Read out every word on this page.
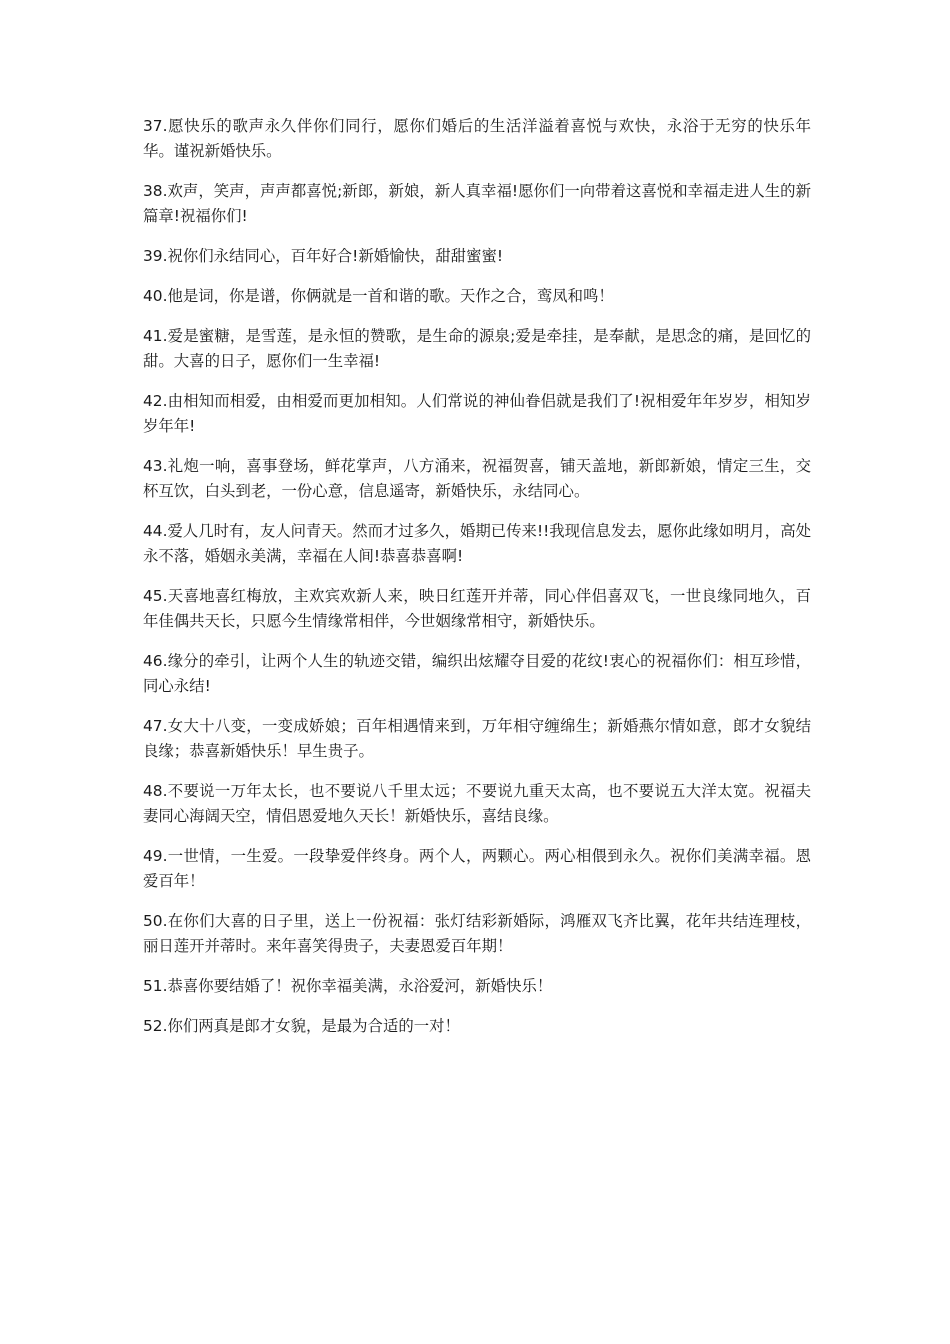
37.愿快乐的歌声永久伴你们同行，愿你们婚后的生活洋溢着喜悦与欢快，永浴于无穷的快乐年华。谨祝新婚快乐。

38.欢声，笑声，声声都喜悦;新郎，新娘，新人真幸福!愿你们一向带着这喜悦和幸福走进人生的新篇章!祝福你们!

39.祝你们永结同心，百年好合!新婚愉快，甜甜蜜蜜!

40.他是词，你是谱，你俩就是一首和谐的歌。天作之合，鸾凤和鸣！

41.爱是蜜糖，是雪莲，是永恒的赞歌，是生命的源泉;爱是牵挂，是奉献，是思念的痛，是回忆的甜。大喜的日子，愿你们一生幸福!

42.由相知而相爱，由相爱而更加相知。人们常说的神仙眷侣就是我们了!祝相爱年年岁岁，相知岁岁年年!

43.礼炮一响，喜事登场，鲜花掌声，八方涌来，祝福贺喜，铺天盖地，新郎新娘，情定三生，交杯互饮，白头到老，一份心意，信息遥寄，新婚快乐，永结同心。

44.爱人几时有，友人问青天。然而才过多久，婚期已传来!!我现信息发去，愿你此缘如明月，高处永不落，婚姻永美满，幸福在人间!恭喜恭喜啊!

45.天喜地喜红梅放，主欢宾欢新人来，映日红莲开并蒂，同心伴侣喜双飞，一世良缘同地久，百年佳偶共天长，只愿今生情缘常相伴，今世姻缘常相守，新婚快乐。

46.缘分的牵引，让两个人生的轨迹交错，编织出炫耀夺目爱的花纹!衷心的祝福你们：相互珍惜，同心永结!

47.女大十八变，一变成娇娘；百年相遇情来到，万年相守缠绵生；新婚燕尔情如意，郎才女貌结良缘；恭喜新婚快乐！早生贵子。

48.不要说一万年太长，也不要说八千里太远；不要说九重天太高，也不要说五大洋太宽。祝福夫妻同心海阔天空，情侣恩爱地久天长！新婚快乐，喜结良缘。

49.一世情，一生爱。一段挚爱伴终身。两个人，两颗心。两心相偎到永久。祝你们美满幸福。恩爱百年！

50.在你们大喜的日子里，送上一份祝福：张灯结彩新婚际，鸿雁双飞齐比翼，花年共结连理枝，丽日莲开并蒂时。来年喜笑得贵子，夫妻恩爱百年期！

51.恭喜你要结婚了！祝你幸福美满，永浴爱河，新婚快乐！

52.你们两真是郎才女貌，是最为合适的一对！
